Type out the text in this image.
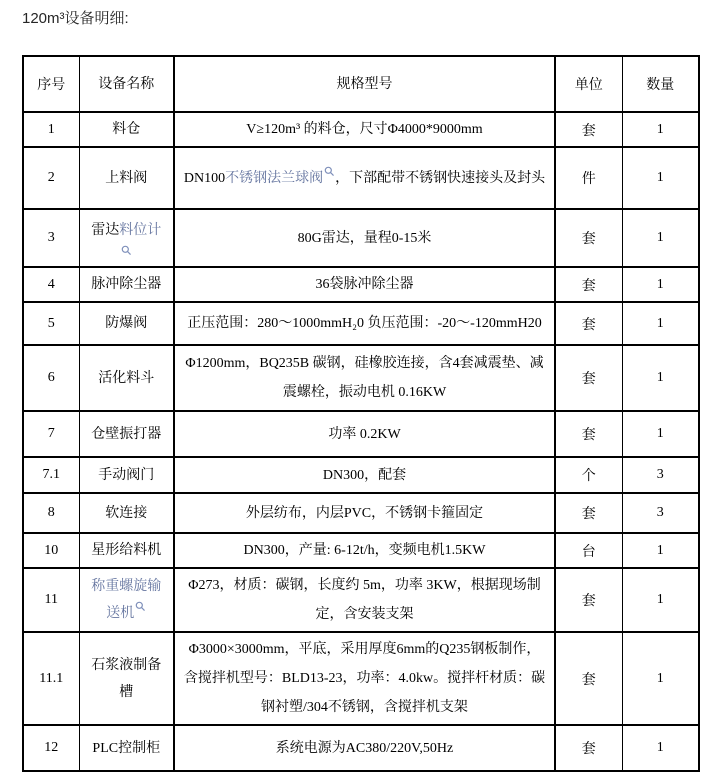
120m³设备明细:
序号	设备名称	规格型号	单位	数量
1	料仓	V≥120m³ 的料仓，尺寸Φ4000*9000mm	套	1
2	上料阀	DN100不锈钢法兰球阀 ，下部配带不锈钢快速接头及封头	件	1
3	雷达料位计	80G雷达，量程0-15米	套	1
4	脉冲除尘器	36袋脉冲除尘器	套	1
5	防爆阀	正压范围：280～1000mmH₂0 负压范围：-20～-120mmH20	套	1
6	活化料斗	Φ1200mm，BQ235B 碳钢，硅橡胶连接，含4套减震垫、减震螺栓，振动电机 0.16KW	套	1
7	仓壁振打器	功率 0.2KW	套	1
7.1	手动阀门	DN300，配套	个	3
8	软连接	外层纺布，内层PVC，不锈钢卡箍固定	套	3
10	星形给料机	DN300，产量: 6-12t/h，变频电机1.5KW	台	1
11	称重螺旋输送机	Φ273，材质：碳钢，长度约 5m，功率 3KW，根据现场制定，含安装支架	套	1
11.1	石浆液制备槽	Φ3000×3000mm，平底，采用厚度6mm的Q235钢板制作，含搅拌机型号：BLD13-23，功率：4.0kw。搅拌杆材质：碳钢衬塑/304不锈钢，含搅拌机支架	套	1
12	PLC控制柜	系统电源为AC380/220V,50Hz	套	1
